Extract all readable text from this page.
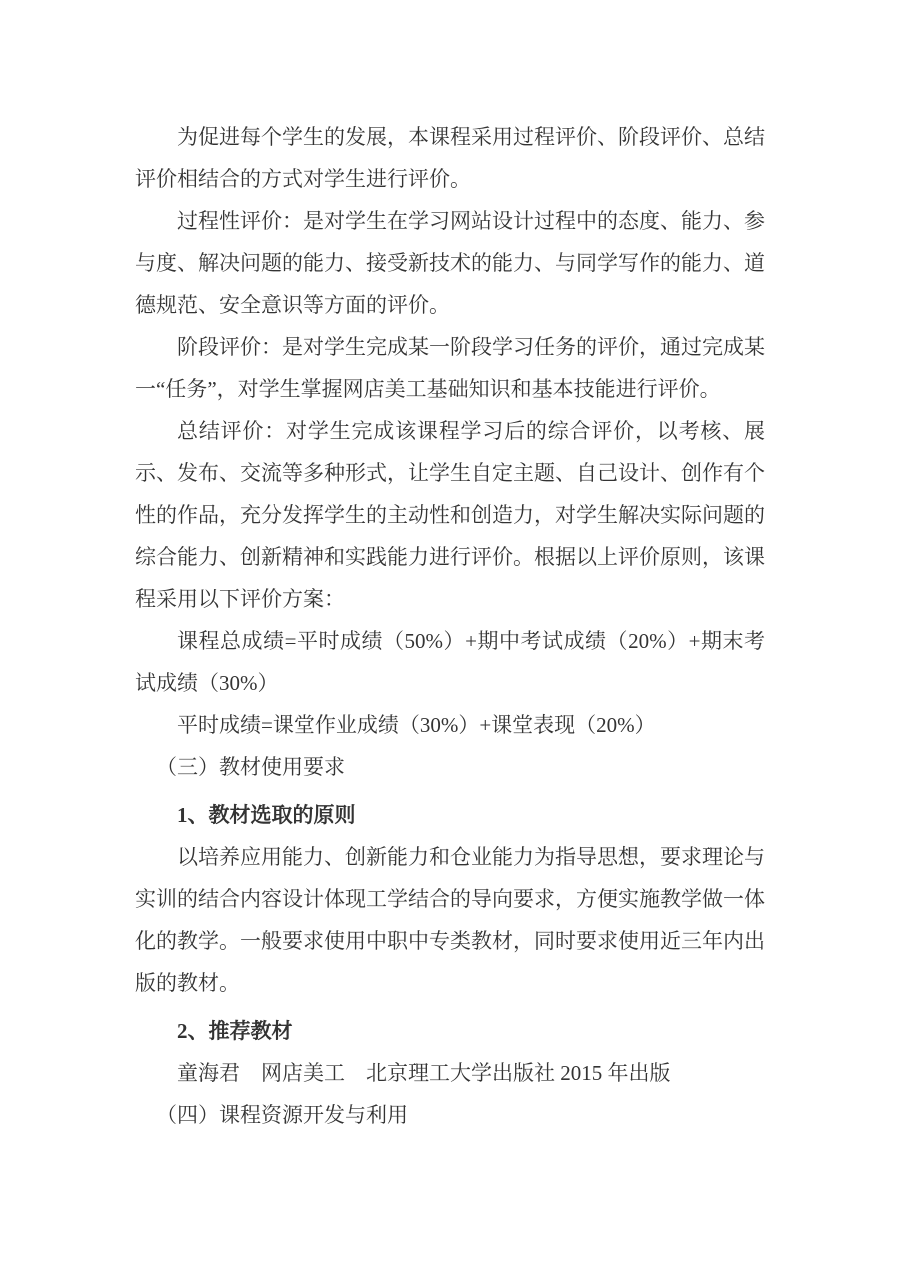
为促进每个学生的发展，本课程采用过程评价、阶段评价、总结评价相结合的方式对学生进行评价。

过程性评价：是对学生在学习网站设计过程中的态度、能力、参与度、解决问题的能力、接受新技术的能力、与同学写作的能力、道德规范、安全意识等方面的评价。

阶段评价：是对学生完成某一阶段学习任务的评价，通过完成某一“任务”，对学生掌握网店美工基础知识和基本技能进行评价。

总结评价：对学生完成该课程学习后的综合评价，以考核、展示、发布、交流等多种形式，让学生自定主题、自己设计、创作有个性的作品，充分发挥学生的主动性和创造力，对学生解决实际问题的综合能力、创新精神和实践能力进行评价。根据以上评价原则，该课程采用以下评价方案：

课程总成绩=平时成绩（50%）+期中考试成绩（20%）+期末考试成绩（30%）

平时成绩=课堂作业成绩（30%）+课堂表现（20%）

（三）教材使用要求

1、教材选取的原则

以培养应用能力、创新能力和仓业能力为指导思想，要求理论与实训的结合内容设计体现工学结合的导向要求，方便实施教学做一体化的教学。一般要求使用中职中专类教材，同时要求使用近三年内出版的教材。

2、推荐教材

童海君　网店美工　北京理工大学出版社 2015 年出版

（四）课程资源开发与利用
